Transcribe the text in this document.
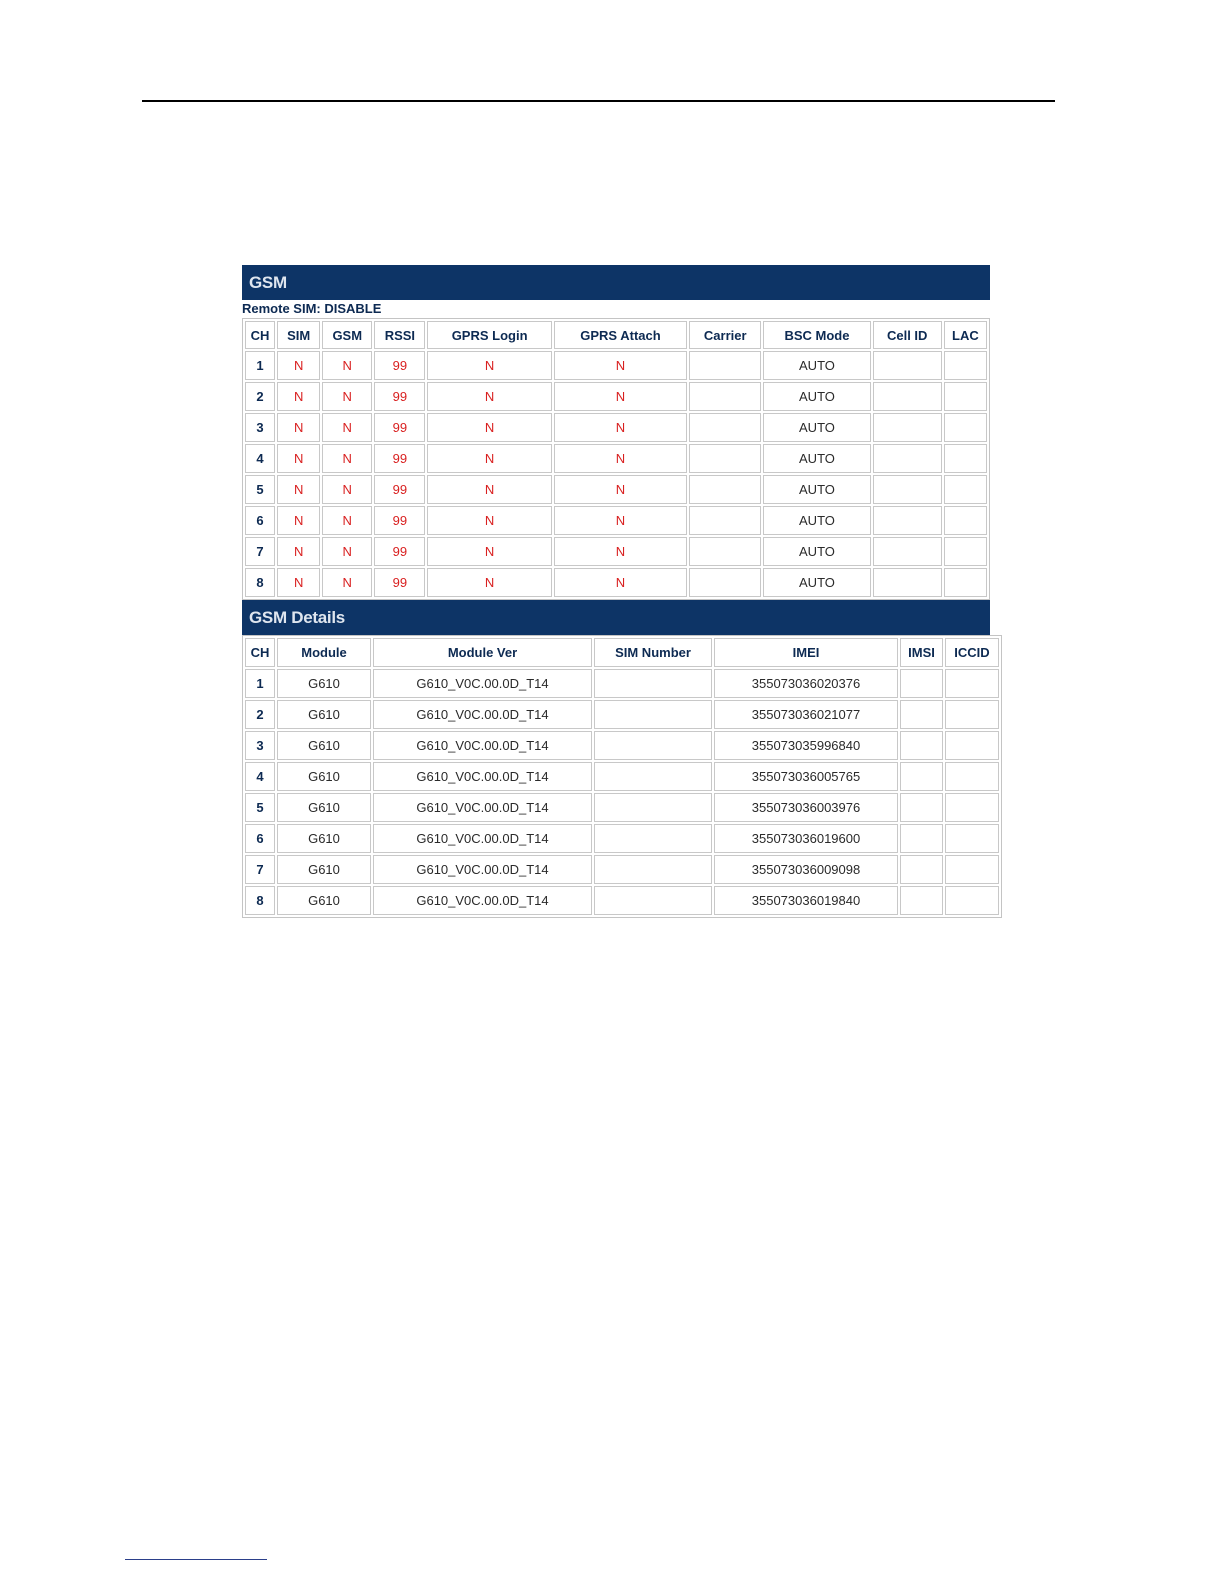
GSM
Remote SIM: DISABLE
CH	SIM	GSM	RSSI	GPRS Login	GPRS Attach	Carrier	BSC Mode	Cell ID	LAC
1	N	N	99	N	N		AUTO		
2	N	N	99	N	N		AUTO		
3	N	N	99	N	N		AUTO		
4	N	N	99	N	N		AUTO		
5	N	N	99	N	N		AUTO		
6	N	N	99	N	N		AUTO		
7	N	N	99	N	N		AUTO		
8	N	N	99	N	N		AUTO		
GSM Details
CH	Module	Module Ver	SIM Number	IMEI	IMSI	ICCID
1	G610	G610_V0C.00.0D_T14		355073036020376		
2	G610	G610_V0C.00.0D_T14		355073036021077		
3	G610	G610_V0C.00.0D_T14		355073035996840		
4	G610	G610_V0C.00.0D_T14		355073036005765		
5	G610	G610_V0C.00.0D_T14		355073036003976		
6	G610	G610_V0C.00.0D_T14		355073036019600		
7	G610	G610_V0C.00.0D_T14		355073036009098		
8	G610	G610_V0C.00.0D_T14		355073036019840		
